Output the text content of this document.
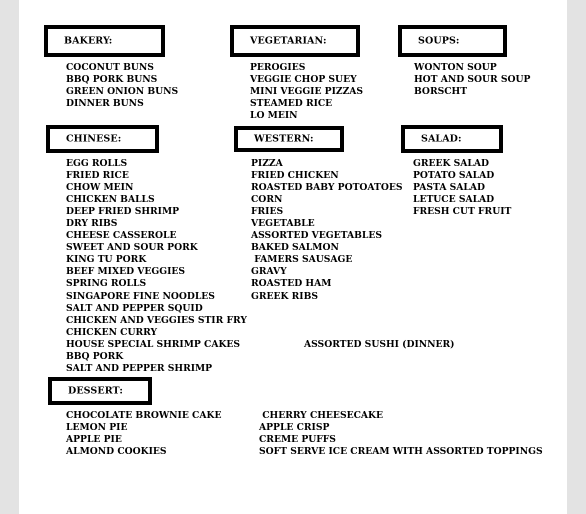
BAKERY:
COCONUT BUNS
BBQ PORK BUNS
GREEN ONION BUNS
DINNER BUNS
VEGETARIAN:
PEROGIES
VEGGIE CHOP SUEY
MINI VEGGIE PIZZAS
STEAMED RICE
LO MEIN
SOUPS:
WONTON SOUP
HOT AND SOUR SOUP
BORSCHT
CHINESE:
EGG ROLLS
FRIED RICE
CHOW MEIN
CHICKEN BALLS
DEEP FRIED SHRIMP
DRY RIBS
CHEESE CASSEROLE
SWEET AND SOUR PORK
KING TU PORK
BEEF MIXED VEGGIES
SPRING ROLLS
SINGAPORE FINE NOODLES
SALT AND PEPPER SQUID
CHICKEN AND VEGGIES STIR FRY
CHICKEN CURRY
HOUSE SPECIAL SHRIMP CAKES
BBQ PORK
SALT AND PEPPER SHRIMP
WESTERN:
PIZZA
FRIED CHICKEN
ROASTED BABY POTOATOES
CORN
FRIES
VEGETABLE
ASSORTED VEGETABLES
BAKED SALMON
FAMERS SAUSAGE
GRAVY
ROASTED HAM
GREEK RIBS
SALAD:
GREEK SALAD
POTATO SALAD
PASTA SALAD
LETUCE SALAD
FRESH CUT FRUIT
ASSORTED SUSHI (DINNER)
DESSERT:
CHOCOLATE BROWNIE CAKE
LEMON PIE
APPLE PIE
ALMOND COOKIES
CHERRY CHEESECAKE
APPLE CRISP
CREME PUFFS
SOFT SERVE ICE CREAM WITH ASSORTED TOPPINGS
